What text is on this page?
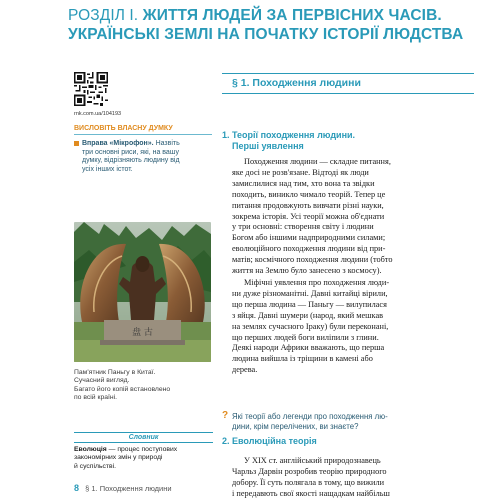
РОЗДІЛ І. ЖИТТЯ ЛЮДЕЙ ЗА ПЕРВІСНИХ ЧАСІВ.
УКРАЇНСЬКІ ЗЕМЛІ НА ПОЧАТКУ ІСТОРІЇ ЛЮДСТВА
rnk.com.ua/104193
ВИСЛОВІТЬ ВЛАСНУ ДУМКУ
Вправа «Мікрофон». Назвіть
три основні риси, які, на вашу
думку, відрізняють людину від
усіх інших істот.
盘 古
Пам'ятник Паньгу в Китаї.
Сучасний вигляд.
Багато його копій встановлено
по всій країні.
Словник
Еволюція — процес поступових
закономірних змін у природі
й суспільстві.
8 § 1. Походження людини
§ 1. Походження людини
1. Теорії походження людини.
Перші уявлення
Походження людини — складне питання,
яке досі не розв'язане. Відтоді як люди
замислилися над тим, хто вона та звідки
походить, виникло чимало теорій. Тепер це
питання продовжують вивчати різні науки,
зокрема історія. Усі теорії можна об'єднати
у три основні: створення світу і людини
Богом або іншими надприродними силами;
еволюційного походження людини від при-
матів; космічного походження людини (тобто
життя на Землю було занесено з космосу).
Міфічні уявлення про походження люди-
ни дуже різноманітні. Давні китайці вірили,
що перша людина — Паньгу — вилупилася
з яйця. Давні шумери (народ, який мешкав
на землях сучасного Іраку) були переконані,
що перших людей боги виліпили з глини.
Деякі народи Африки вважають, що перша
людина вийшла із тріщини в камені або
дерева.
? Які теорії або легенди про походження лю-
дини, крім перелічених, ви знаєте?
2. Еволюційна теорія
У XIX ст. англійський природознавець
Чарльз Дарвін розробив теорію природного
добору. Її суть полягала в тому, що вижили
і передавють свої якості нащадкам найбільш
